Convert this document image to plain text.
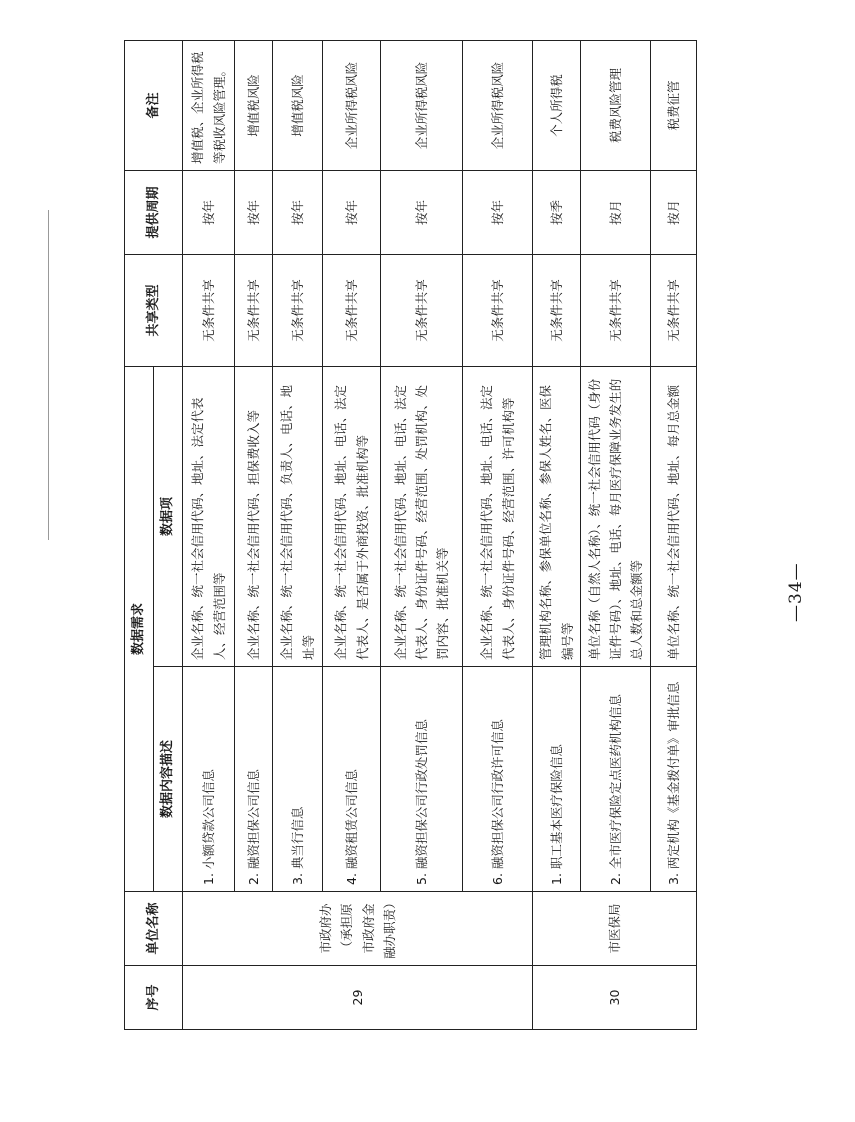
序号	单位名称	数据需求		共享类型	提供周期	备注
		数据内容描述	数据项			
29	市政府办（承担原市政府金融办职责）	1. 小额贷款公司信息	企业名称、统一社会信用代码、地址、法定代表人、经营范围等	无条件共享	按年	增值税、企业所得税等税收风险管理。
		2. 融资担保公司信息	企业名称、统一社会信用代码、担保费收入等	无条件共享	按年	增值税风险
		3. 典当行信息	企业名称、统一社会信用代码、负责人、电话、地址等	无条件共享	按年	增值税风险
		4. 融资租赁公司信息	企业名称、统一社会信用代码、地址、电话、法定代表人、是否属于外商投资、批准机构等	无条件共享	按年	企业所得税风险
		5. 融资担保公司行政处罚信息	企业名称、统一社会信用代码、地址、电话、法定代表人、身份证件号码、经营范围、处罚机构、处罚内容、批准机关等	无条件共享	按年	企业所得税风险
		6. 融资担保公司行政许可信息	企业名称、统一社会信用代码、地址、电话、法定代表人、身份证件号码、经营范围、许可机构等	无条件共享	按年	企业所得税风险
30	市医保局	1. 职工基本医疗保险信息	管理机构名称、参保单位名称、参保人姓名、医保编号等	无条件共享	按季	个人所得税
		2. 全市医疗保险定点医药机构信息	单位名称（自然人名称）、统一社会信用代码（身份证件号码）、地址、电话、每月医疗保障业务发生的总人数和总金额等	无条件共享	按月	税费风险管理
		3. 两定机构《基金拨付单》审批信息	单位名称、统一社会信用代码、地址、每月总金额	无条件共享	按月	税费征管
—34—
